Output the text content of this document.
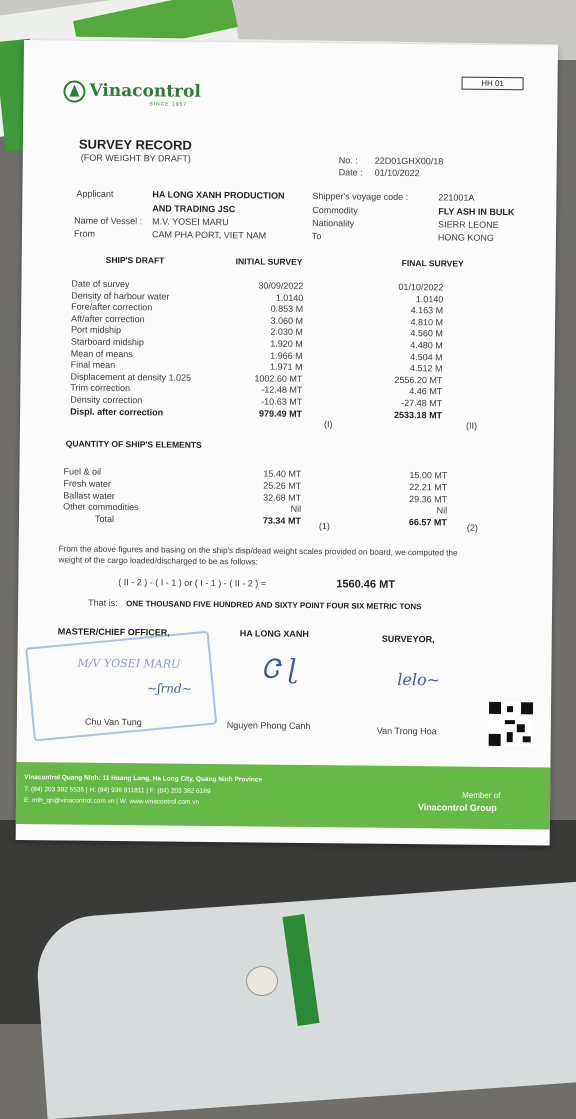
HH 01
Vinacontrol
SINCE 1957
SURVEY RECORD
(FOR WEIGHT BY DRAFT)	No. : 22D01GHX00/18
Date : 01/10/2022
Applicant	HA LONG XANH PRODUCTION
AND TRADING JSC
Name of Vessel : M.V. YOSEI MARU
From	CAM PHA PORT, VIET NAM
Shipper's voyage code :	221001A
Commodity	FLY ASH IN BULK
Nationality	SIERR LEONE
To	HONG KONG
SHIP'S DRAFT	INITIAL SURVEY	FINAL SURVEY
Date of survey	30/09/2022	01/10/2022
Density of harbour water	1.0140	1.0140
Fore/after correction	0.853 M	4.163 M
Aft/after correction	3.060 M	4.810 M
Port midship	2.030 M	4.560 M
Starboard midship	1.920 M	4.480 M
Mean of means	1.966 M	4.504 M
Final mean	1.971 M	4.512 M
Displacement at density 1.025	1002.60 MT	2556.20 MT
Trim correction	-12.48 MT	4.46 MT
Density correction	-10.63 MT	-27.48 MT
Displ. after correction	979.49 MT	2533.18 MT
(I)	(II)
QUANTITY OF SHIP'S ELEMENTS
Fuel & oil	15.40 MT	15.00 MT
Fresh water	25.26 MT	22.21 MT
Ballast water	32.68 MT	29.36 MT
Other commodities	Nil	Nil
Total	73.34 MT	66.57 MT
(1)	(2)
From the above figures and basing on the ship's disp/dead weight scales provided on board, we computed the
weight of the cargo loaded/discharged to be as follows:
( II - 2 ) - ( I - 1 ) or ( I - 1 ) - ( II - 2 ) =	1560.46 MT
That is: ONE THOUSAND FIVE HUNDRED AND SIXTY POINT FOUR SIX METRIC TONS
MASTER/CHIEF OFFICER,	HA LONG XANH
SURVEYOR,
M/V YOSEI MARU
~ʃrnd~
Ꮳ ɭ	lelo~
Chu Van Tung	Nguyen Phong Canh
Van Trong Hoa
Vinacontrol Quang Ninh: 11 Hoang Long, Ha Long City, Quang Ninh Province
T: (84) 203 382 5535 | H: (84) 936 911811 | F: (84) 203 382 6169
E: mth_qn@vinacontrol.com.vn | W: www.vinacontrol.com.vn
Member of
Vinacontrol Group
